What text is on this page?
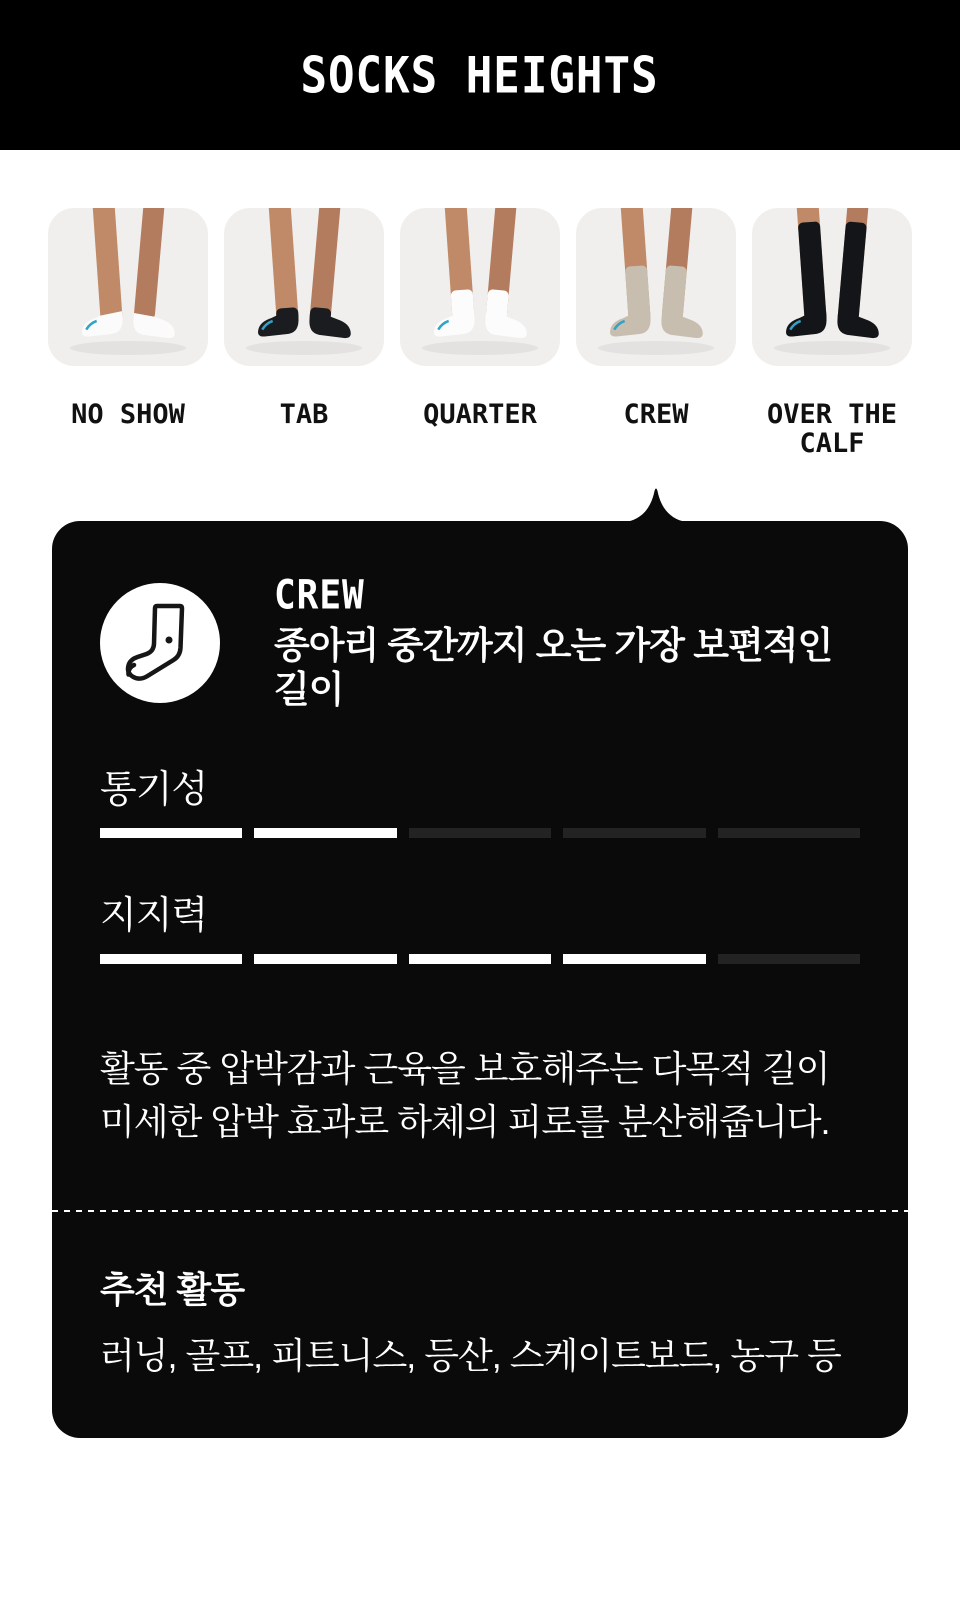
SOCKS HEIGHTS
NO SHOW	TAB	QUARTER	CREW	OVER THE CALF
CREW
종아리 중간까지 오는 가장 보편적인 길이
통기성
지지력
활동 중 압박감과 근육을 보호해주는 다목적 길이
미세한 압박 효과로 하체의 피로를 분산해줍니다.
추천 활동
러닝, 골프, 피트니스, 등산, 스케이트보드, 농구 등
